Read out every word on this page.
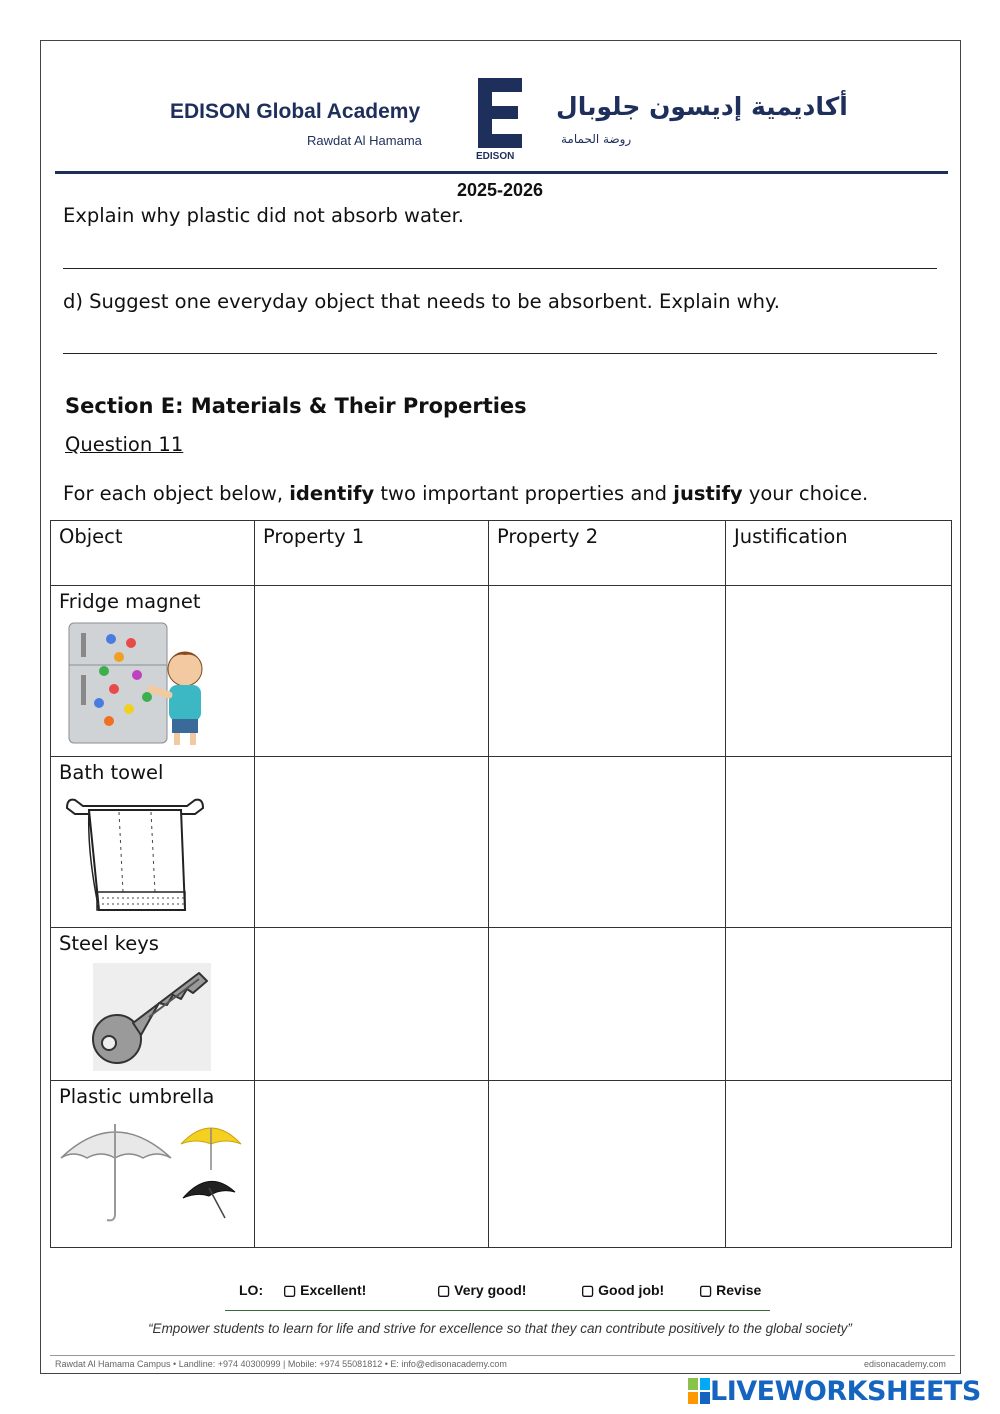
EDISON Global Academy
Rawdat Al Hamama
EDISON
أكاديمية إديسون جلوبال
روضة الحمامة
2025-2026
Explain why plastic did not absorb water.
d) Suggest one everyday object that needs to be absorbent. Explain why.
Section E: Materials & Their Properties
Question 11
For each object below, identify two important properties and justify your choice.
Object	Property 1	Property 2	Justification

Fridge magnet			

Bath towel			

Steel keys			

Plastic umbrella			

LO: ▢ Excellent!	▢ Very good!	▢ Good job! ▢ Revise
“Empower students to learn for life and strive for excellence so that they can contribute positively to the global society”
Rawdat Al Hamama Campus • Landline: +974 40300999 | Mobile: +974 55081812 • E: info@edisonacademy.com	edisonacademy.com
LIVEWORKSHEETS
